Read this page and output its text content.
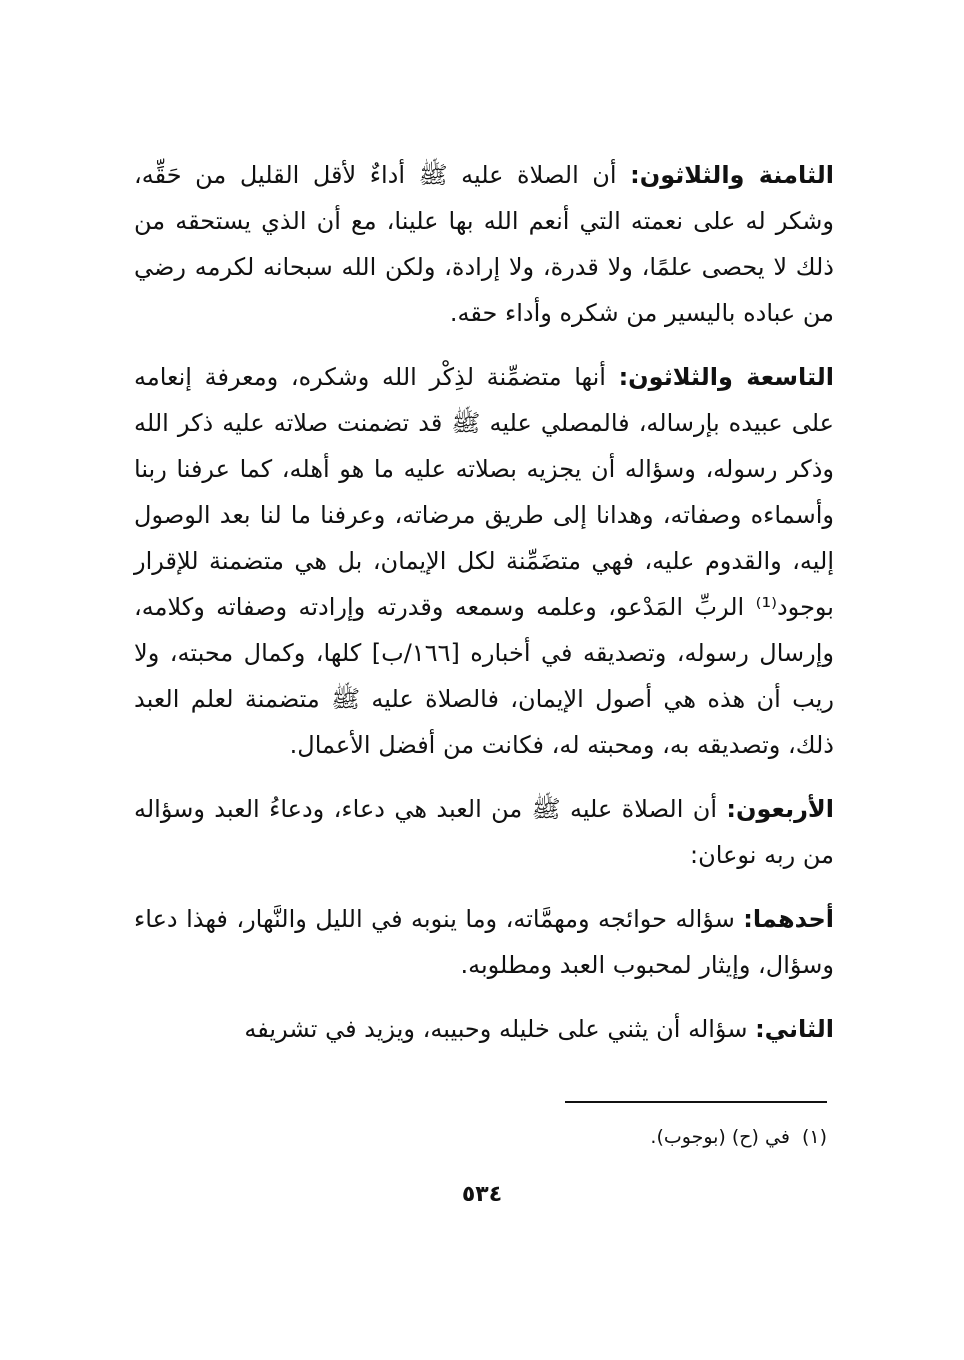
الثامنة والثلاثون: أن الصلاة عليه ﷺ أداءٌ لأقل القليل من حَقِّه، وشكر له على نعمته التي أنعم الله بها علينا، مع أن الذي يستحقه من ذلك لا يحصى علمًا، ولا قدرة، ولا إرادة، ولكن الله سبحانه لكرمه رضي من عباده باليسير من شكره وأداء حقه.

التاسعة والثلاثون: أنها متضمِّنة لذِكْر الله وشكره، ومعرفة إنعامه على عبيده بإرساله، فالمصلي عليه ﷺ قد تضمنت صلاته عليه ذكر الله وذكر رسوله، وسؤاله أن يجزيه بصلاته عليه ما هو أهله، كما عرفنا ربنا وأسماءه وصفاته، وهدانا إلى طريق مرضاته، وعرفنا ما لنا بعد الوصول إليه، والقدوم عليه، فهي متضَمِّنة لكل الإيمان، بل هي متضمنة للإقرار بوجود⁽¹⁾ الربِّ المَدْعو، وعلمه وسمعه وقدرته وإرادته وصفاته وكلامه، وإرسال رسوله، وتصديقه في أخباره [١٦٦/ب] كلها، وكمال محبته، ولا ريب أن هذه هي أصول الإيمان، فالصلاة عليه ﷺ متضمنة لعلم العبد ذلك، وتصديقه به، ومحبته له، فكانت من أفضل الأعمال.

الأربعون: أن الصلاة عليه ﷺ من العبد هي دعاء، ودعاءُ العبد وسؤاله من ربه نوعان:

أحدهما: سؤاله حوائجه ومهمَّاته، وما ينوبه في الليل والنَّهار، فهذا دعاء وسؤال، وإيثار لمحبوب العبد ومطلوبه.

الثاني: سؤاله أن يثني على خليله وحبيبه، ويزيد في تشريفه

(١)في (ح) (بوجوب).
٥٣٤
